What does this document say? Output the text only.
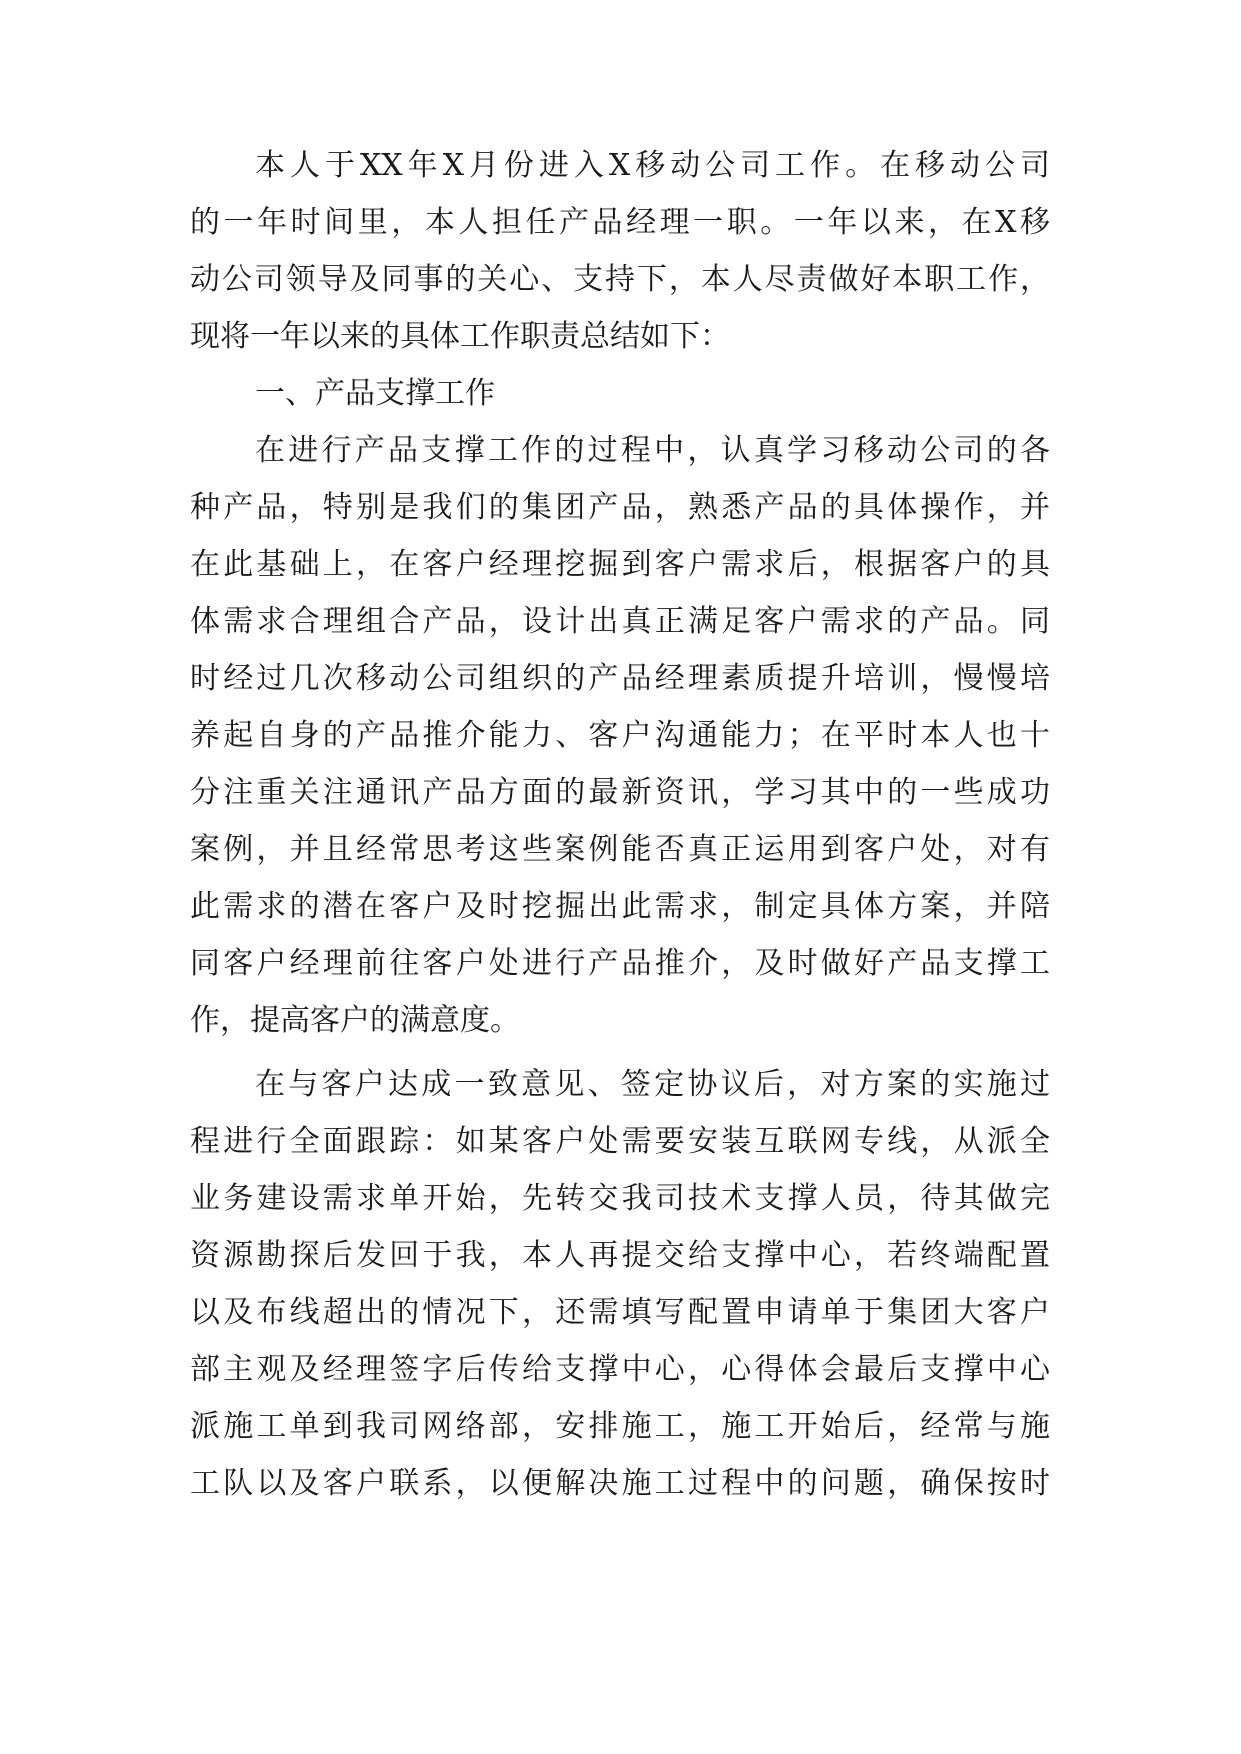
本人于XX年X月份进入X移动公司工作。在移动公司
的一年时间里，本人担任产品经理一职。一年以来，在X移
动公司领导及同事的关心、支持下，本人尽责做好本职工作，
现将一年以来的具体工作职责总结如下：
一、产品支撑工作
在进行产品支撑工作的过程中，认真学习移动公司的各
种产品，特别是我们的集团产品，熟悉产品的具体操作，并
在此基础上，在客户经理挖掘到客户需求后，根据客户的具
体需求合理组合产品，设计出真正满足客户需求的产品。同
时经过几次移动公司组织的产品经理素质提升培训，慢慢培
养起自身的产品推介能力、客户沟通能力；在平时本人也十
分注重关注通讯产品方面的最新资讯，学习其中的一些成功
案例，并且经常思考这些案例能否真正运用到客户处，对有
此需求的潜在客户及时挖掘出此需求，制定具体方案，并陪
同客户经理前往客户处进行产品推介，及时做好产品支撑工
作，提高客户的满意度。
在与客户达成一致意见、签定协议后，对方案的实施过
程进行全面跟踪：如某客户处需要安装互联网专线，从派全
业务建设需求单开始，先转交我司技术支撑人员，待其做完
资源勘探后发回于我，本人再提交给支撑中心，若终端配置
以及布线超出的情况下，还需填写配置申请单于集团大客户
部主观及经理签字后传给支撑中心，心得体会最后支撑中心
派施工单到我司网络部，安排施工，施工开始后，经常与施
工队以及客户联系，以便解决施工过程中的问题，确保按时
